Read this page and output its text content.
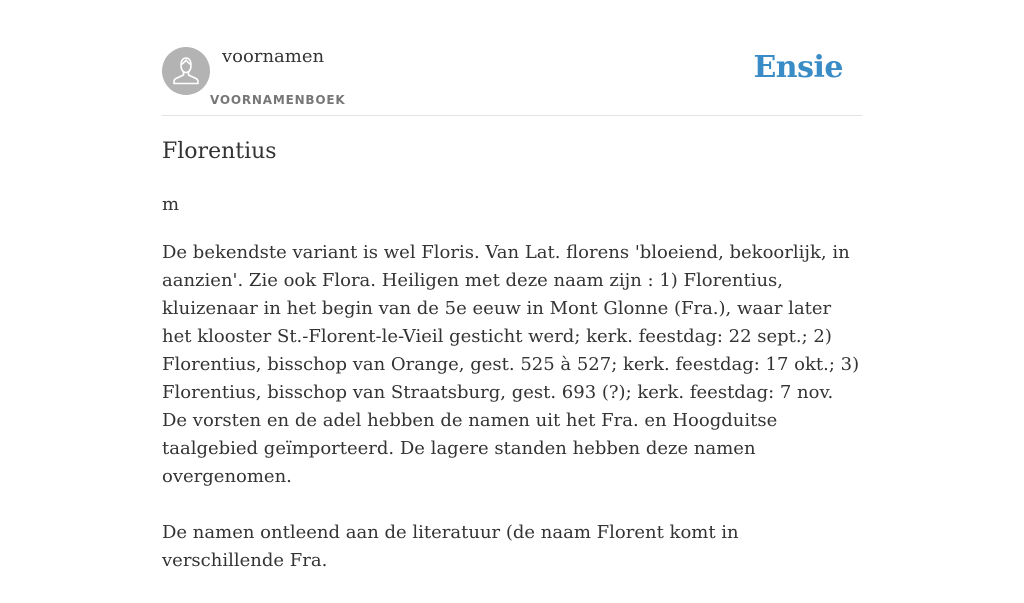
voornamen
VOORNAMENBOEK
Ensie
Florentius
m

De bekendste variant is wel Floris. Van Lat. florens 'bloeiend, bekoorlijk, in aanzien'. Zie ook Flora. Heiligen met deze naam zijn : 1) Florentius, kluizenaar in het begin van de 5e eeuw in Mont Glonne (Fra.), waar later het klooster St.-Florent-le-Vieil gesticht werd; kerk. feestdag: 22 sept.; 2) Florentius, bisschop van Orange, gest. 525 à 527; kerk. feestdag: 17 okt.; 3) Florentius, bisschop van Straatsburg, gest. 693 (?); kerk. feestdag: 7 nov. De vorsten en de adel hebben de namen uit het Fra. en Hoogduitse taalgebied geïmporteerd. De lagere standen hebben deze namen overgenomen.

De namen ontleend aan de literatuur (de naam Florent komt in verschillende Fra.
